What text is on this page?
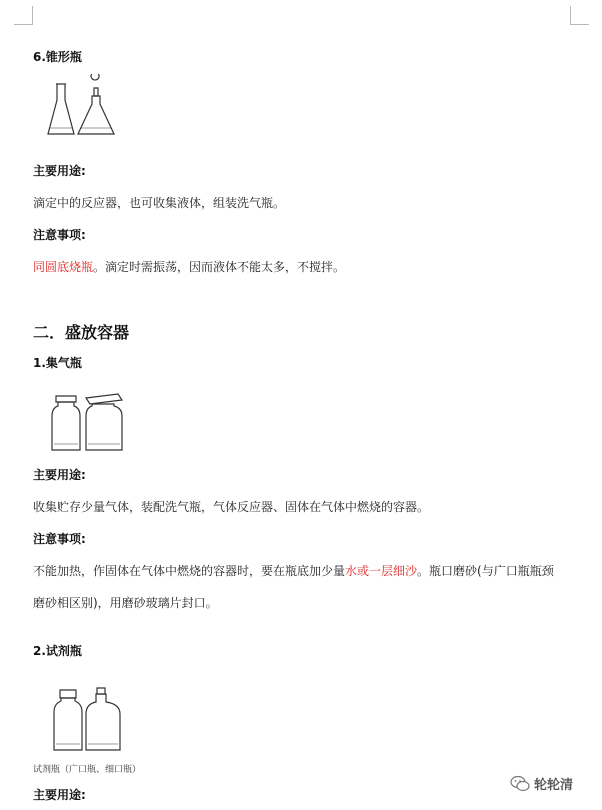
6.锥形瓶
主要用途:
滴定中的反应器，也可收集液体，组装洗气瓶。
注意事项:
同圆底烧瓶。滴定时需振荡，因而液体不能太多，不搅拌。
二．盛放容器
1.集气瓶
主要用途:
收集贮存少量气体，装配洗气瓶，气体反应器、固体在气体中燃烧的容器。
注意事项:
不能加热，作固体在气体中燃烧的容器时，要在瓶底加少量水或一层细沙。瓶口磨砂(与广口瓶瓶颈
磨砂相区别)，用磨砂玻璃片封口。
2.试剂瓶
试剂瓶（广口瓶、细口瓶）
主要用途:
轮轮清
